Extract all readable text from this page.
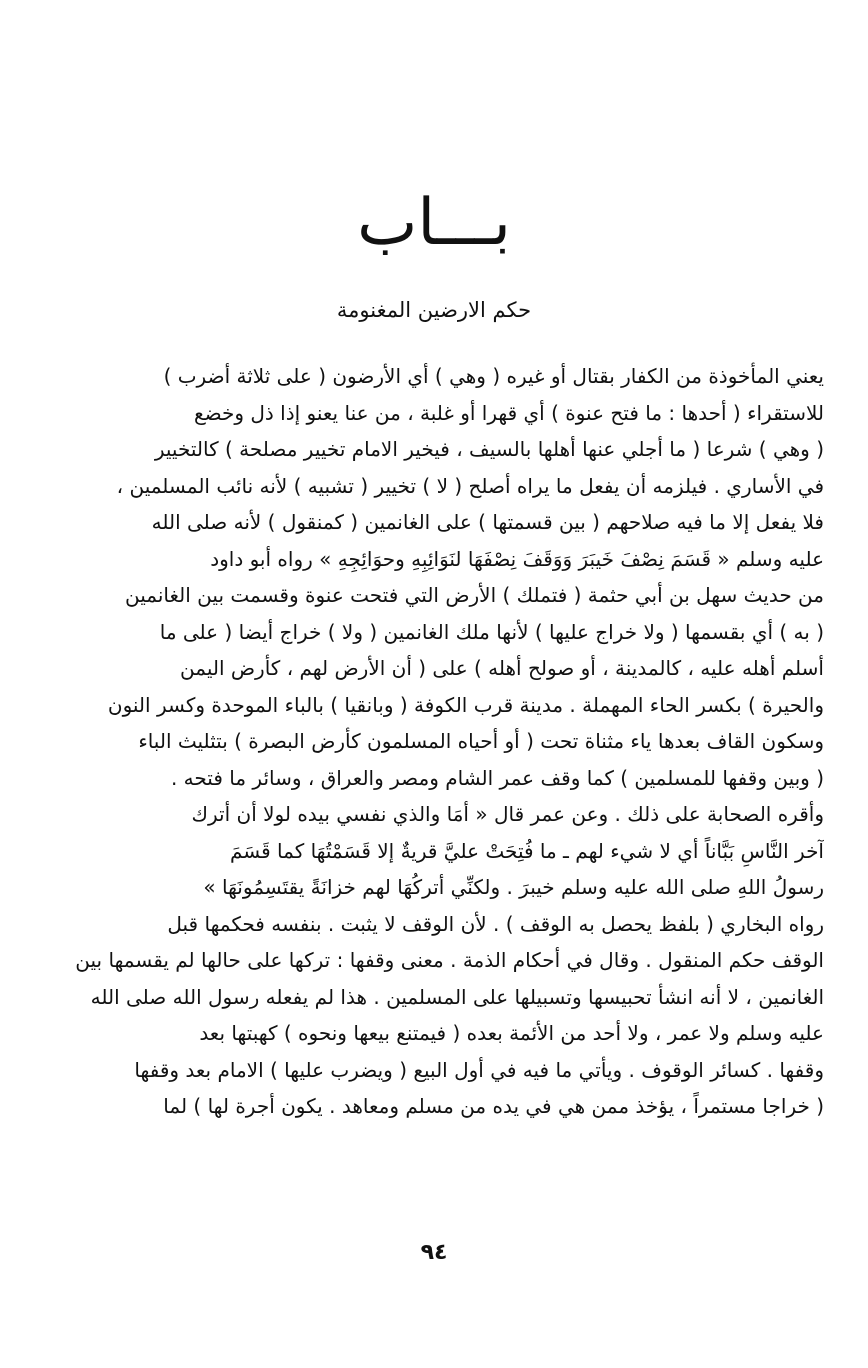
بـــاب
حكم الارضين المغنومة
يعني المأخوذة من الكفار بقتال أو غيره ( وهي ) أي الأرضون ( على ثلاثة أضرب )
للاستقراء ( أحدها : ما فتح عنوة ) أي قهرا أو غلبة ، من عنا يعنو إذا ذل وخضع
( وهي ) شرعا ( ما أجلي عنها أهلها بالسيف ، فيخير الامام تخيير مصلحة ) كالتخيير
في الأساري . فيلزمه أن يفعل ما يراه أصلح ( لا ) تخيير ( تشبيه ) لأنه نائب المسلمين ،
فلا يفعل إلا ما فيه صلاحهم ( بين قسمتها ) على الغانمين ( كمنقول ) لأنه صلى الله
عليه وسلم « قَسَمَ نِصْفَ خَيبَرَ وَوَقَفَ نِصْفَهَا لنَوَائِبِهِ وحوَائِجِهِ » رواه أبو داود
من حديث سهل بن أبي حثمة ( فتملك ) الأرض التي فتحت عنوة وقسمت بين الغانمين
( به ) أي بقسمها ( ولا خراج عليها ) لأنها ملك الغانمين ( ولا ) خراج أيضا ( على ما
أسلم أهله عليه ، كالمدينة ، أو صولح أهله ) على ( أن الأرض لهم ، كأرض اليمن
والحيرة ) بكسر الحاء المهملة . مدينة قرب الكوفة ( وبانقيا ) بالباء الموحدة وكسر النون
وسكون القاف بعدها ياء مثناة تحت ( أو أحياه المسلمون كأرض البصرة ) بتثليث الباء
( وبين وقفها للمسلمين ) كما وقف عمر الشام ومصر والعراق ، وسائر ما فتحه .
وأقره الصحابة على ذلك . وعن عمر قال « أمَا والذي نفسي بيده لولا أن أترك
آخر النَّاسِ بَبَّاناً أي لا شيء لهم ـ ما فُتِحَتْ عليَّ قريةٌ إلا قَسَمْتُهَا كما قَسَمَ
رسولُ اللهِ صلى الله عليه وسلم خيبرَ . ولكنِّي أتركُهَا لهم خزانَةً يقتَسِمُونَهَا »
رواه البخاري ( بلفظ يحصل به الوقف ) . لأن الوقف لا يثبت . بنفسه فحكمها قبل
الوقف حكم المنقول . وقال في أحكام الذمة . معنى وقفها : تركها على حالها لم يقسمها بين
الغانمين ، لا أنه انشأ تحبيسها وتسبيلها على المسلمين . هذا لم يفعله رسول الله صلى الله
عليه وسلم ولا عمر ، ولا أحد من الأئمة بعده ( فيمتنع بيعها ونحوه ) كهبتها بعد
وقفها . كسائر الوقوف . ويأتي ما فيه في أول البيع ( ويضرب عليها ) الامام بعد وقفها
( خراجا مستمراً ، يؤخذ ممن هي في يده من مسلم ومعاهد . يكون أجرة لها ) لما
٩٤
